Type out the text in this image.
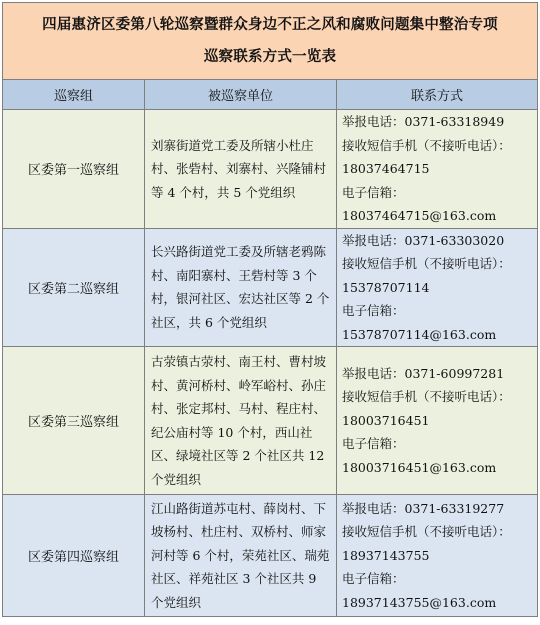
四届惠济区委第八轮巡察暨群众身边不正之风和腐败问题集中整治专项
巡察联系方式一览表		

巡察组	被巡察单位	联系方式
区委第一巡察组	刘寨街道党工委及所辖小杜庄村、张砦村、刘寨村、兴隆铺村等 4 个村，共 5 个党组织	举报电话：0371-63318949
接收短信手机（不接听电话）：
18037464715
电子信箱：
18037464715@163.com

区委第二巡察组	长兴路街道党工委及所辖老鸦陈村、南阳寨村、王砦村等 3 个村，银河社区、宏达社区等 2 个社区，共 6 个党组织	举报电话：0371-63303020
接收短信手机（不接听电话）：
15378707114
电子信箱：
15378707114@163.com

区委第三巡察组	古荥镇古荥村、南王村、曹村坡村、黄河桥村、岭军峪村、孙庄村、张定邦村、马村、程庄村、纪公庙村等 10 个村，西山社区、绿境社区等 2 个社区共 12 个党组织	举报电话：0371-60997281
接收短信手机（不接听电话）：
18003716451
电子信箱：
18003716451@163.com

区委第四巡察组	江山路街道苏屯村、薛岗村、下坡杨村、杜庄村、双桥村、师家河村等 6 个村，荣苑社区、瑞苑社区、祥苑社区 3 个社区共 9 个党组织	举报电话：0371-63319277
接收短信手机（不接听电话）：
18937143755
电子信箱：
18937143755@163.com
